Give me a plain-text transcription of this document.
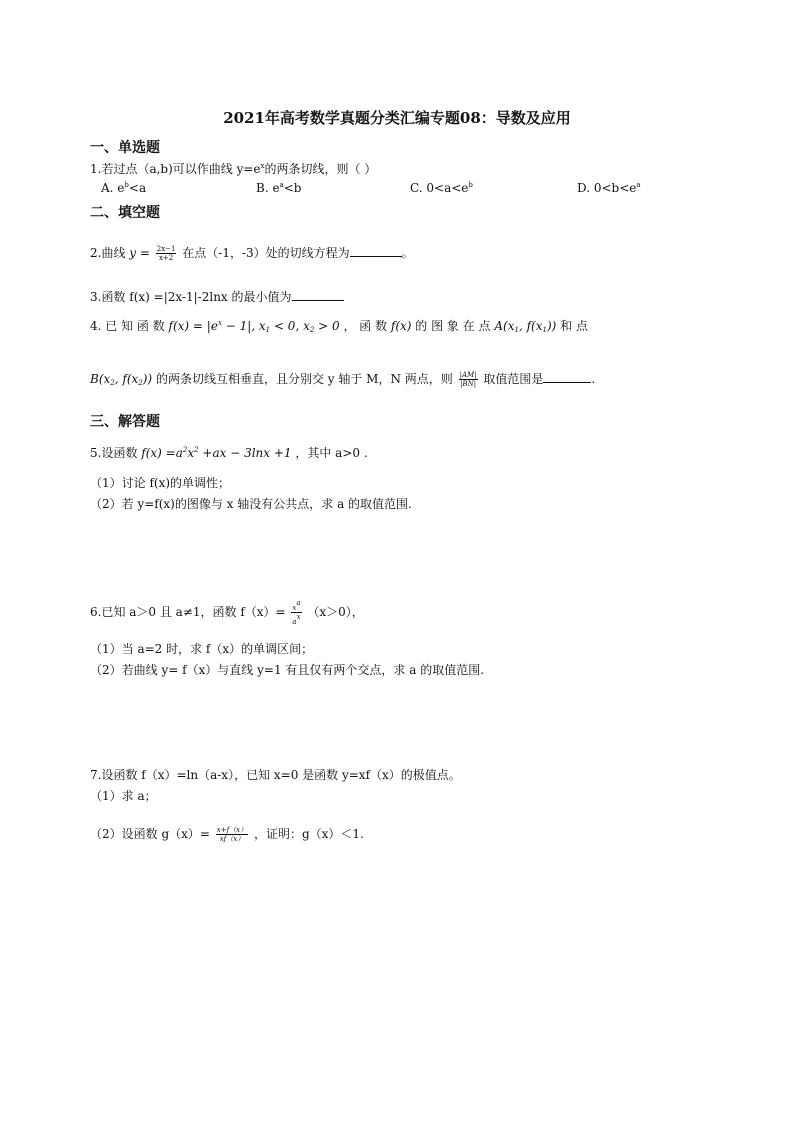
2021年高考数学真题分类汇编专题08：导数及应用
一、单选题
1.若过点（a,b)可以作曲线 $y=e^x$的两条切线，则（ ）
A. $e^b<a$	B. $e^a<b$	C. $0<a<e^b$	D. $0<b<e^a$
二、填空题
2.曲线 $y = \frac{2x-1}{x+2}$ 在点（-1，-3）处的切线方程为	。
3.函数 f(x) =|2x-1|-2lnx 的最小值为
4. 已 知 函 数 $f(x) = |e^x - 1|$, $x_1 < 0$, $x_2 > 0$ ， 函 数 f(x) 的 图 象 在 点 $A(x_1$, $f(x_1)$) 和 点
$B(x_2$, $f(x_2)$) 的两条切线互相垂直，且分别交 y 轴于 M，N 两点，则 $\frac{|AM|}{|BN|}$ 取值范围是	.
三、解答题
5.设函数 $f(x) =a^2x^2 +ax - 3\ln x +1$ ，其中 a>0 .
（1）讨论 f(x)的单调性；
（2）若 y=f(x)的图像与 x 轴没有公共点，求 a 的取值范围.
6.已知 a＞0 且 a≠1，函数 $f(x)= \frac{x^a}{a^x} (x>0)$，
（1）当 a=2 时，求 f（x）的单调区间；
（2）若曲线 y= f（x）与直线 y=1 有且仅有两个交点，求 a 的取值范围.
7.设函数 f（x）=ln（a-x），已知 x=0 是函数 y=xf（x）的极值点。
（1）求 a；
（2）设函数 $g(x)= \frac{x+f(x)}{xf(x)}$ ，证明：g（x）＜1.
